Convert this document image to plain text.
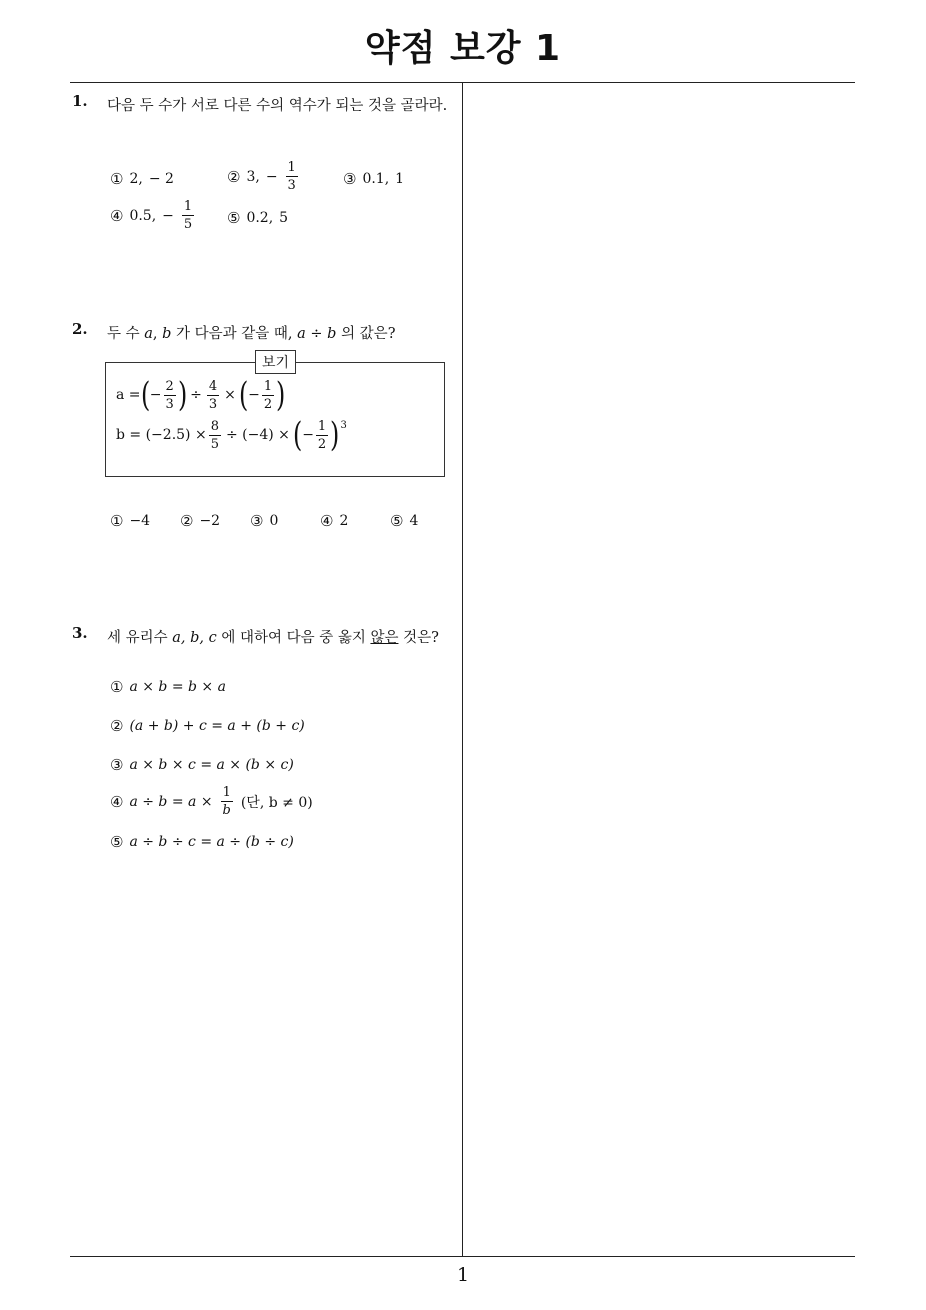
약점 보강 1
1
1. 다음 두 수가 서로 다른 수의 역수가 되는 것을 골라라.
① 2, − 2	② 3, − $\frac{1}{3}$	③ 0.1, 1
④ 0.5, − $\frac{1}{5}$ ⑤ 0.2, 5
2. 두 수 a, b 가 다음과 같을 때, a ÷ b 의 값은?
보기
a = ( − $\frac{2}{3}$ ) ÷ $\frac{4}{3}$ × ( − $\frac{1}{2}$ )
$b = (-2.5) \times \frac{8}{5} \div (-4)$ × ( − $\frac{1}{2}$ ) 3
① −4 ② −2 ③ 0	④ 2	⑤ 4
3. 세 유리수 a, b, c 에 대하여 다음 중 옳지 않은 것은?
① a × b = b × a
② (a + b) + c = a + (b + c)
③ a × b × c = a × (b × c)
④ $a \div b = a \times \frac{1}{b}$ (단, b ≠ 0)
⑤ a ÷ b ÷ c = a ÷ (b ÷ c)
